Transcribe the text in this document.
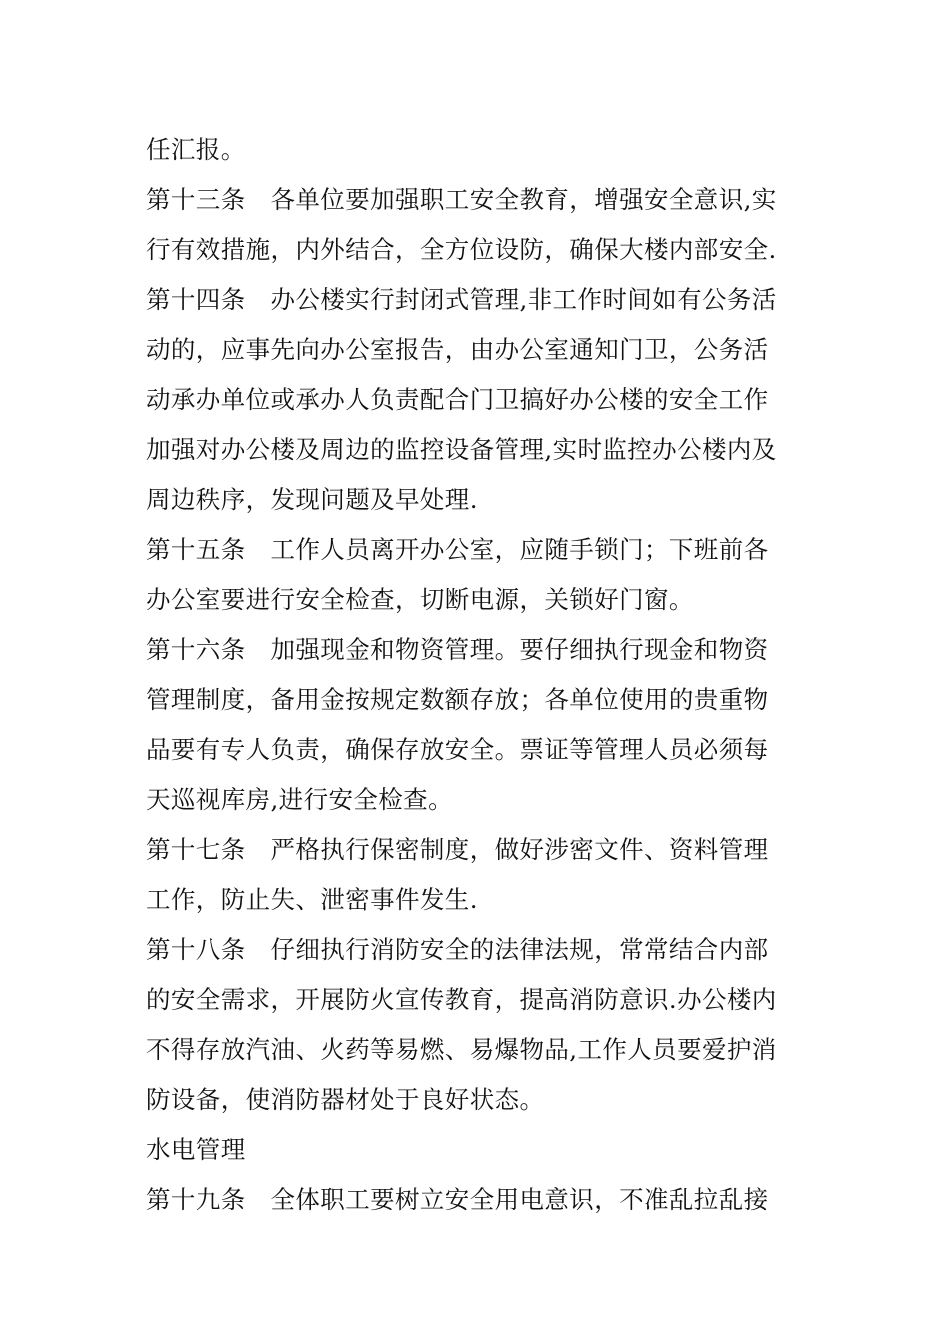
任汇报。
第十三条　各单位要加强职工安全教育，增强安全意识,实
行有效措施，内外结合，全方位设防，确保大楼内部安全.
第十四条　办公楼实行封闭式管理,非工作时间如有公务活
动的，应事先向办公室报告，由办公室通知门卫，公务活
动承办单位或承办人负责配合门卫搞好办公楼的安全工作
加强对办公楼及周边的监控设备管理,实时监控办公楼内及
周边秩序，发现问题及早处理.
第十五条　工作人员离开办公室，应随手锁门；下班前各
办公室要进行安全检查，切断电源，关锁好门窗。
第十六条　加强现金和物资管理。要仔细执行现金和物资
管理制度，备用金按规定数额存放；各单位使用的贵重物
品要有专人负责，确保存放安全。票证等管理人员必须每
天巡视库房,进行安全检查。
第十七条　严格执行保密制度，做好涉密文件、资料管理
工作，防止失、泄密事件发生.
第十八条　仔细执行消防安全的法律法规，常常结合内部
的安全需求，开展防火宣传教育，提高消防意识.办公楼内
不得存放汽油、火药等易燃、易爆物品,工作人员要爱护消
防设备，使消防器材处于良好状态。
水电管理
第十九条　全体职工要树立安全用电意识，不准乱拉乱接
